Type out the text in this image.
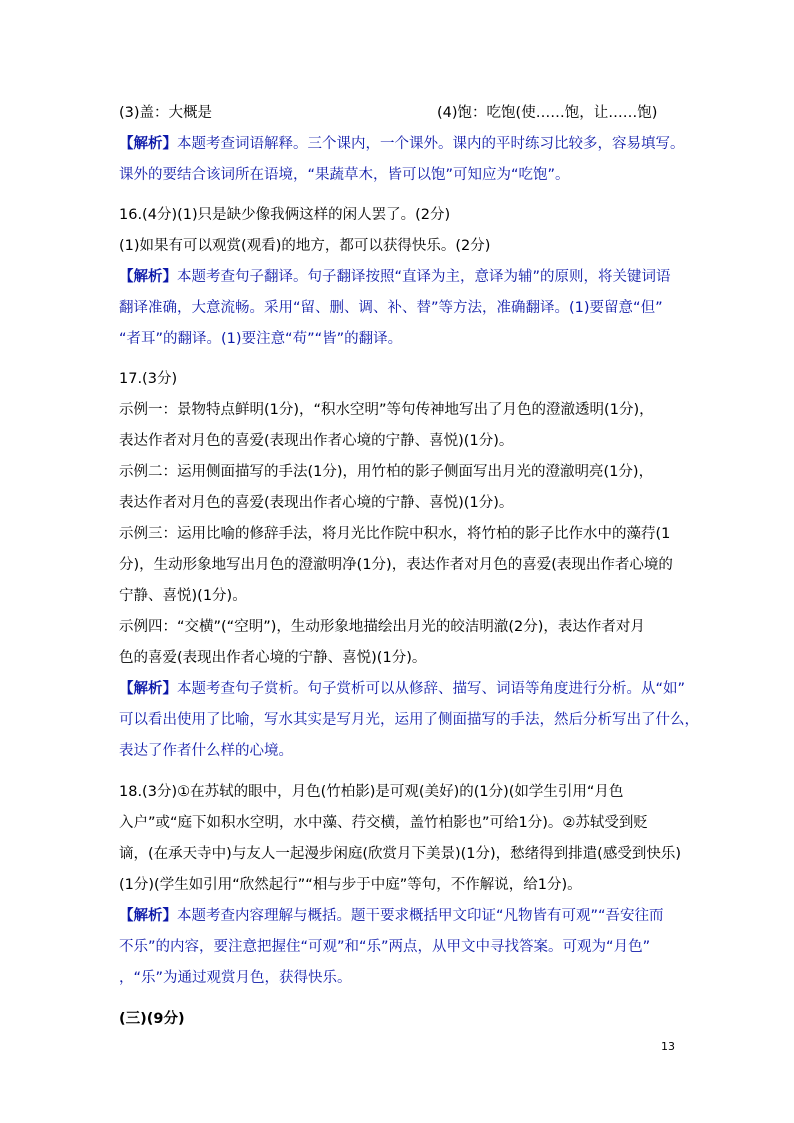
(3)盖：大概是	(4)饱：吃饱(使……饱，让……饱)
【解析】本题考查词语解释。三个课内，一个课外。课内的平时练习比较多，容易填写。
课外的要结合该词所在语境，“果蔬草木，皆可以饱”可知应为“吃饱”。
16.(4分)(1)只是缺少像我俩这样的闲人罢了。(2分)
(1)如果有可以观赏(观看)的地方，都可以获得快乐。(2分)
【解析】本题考查句子翻译。句子翻译按照“直译为主，意译为辅”的原则，将关键词语
翻译准确，大意流畅。采用“留、删、调、补、替”等方法，准确翻译。(1)要留意“但”
“者耳”的翻译。(1)要注意“苟”“皆”的翻译。
17.(3分)
示例一：景物特点鲜明(1分)，“积水空明”等句传神地写出了月色的澄澈透明(1分)，
表达作者对月色的喜爱(表现出作者心境的宁静、喜悦)(1分)。
示例二：运用侧面描写的手法(1分)，用竹柏的影子侧面写出月光的澄澈明亮(1分)，
表达作者对月色的喜爱(表现出作者心境的宁静、喜悦)(1分)。
示例三：运用比喻的修辞手法，将月光比作院中积水，将竹柏的影子比作水中的藻荇(1
分)，生动形象地写出月色的澄澈明净(1分)，表达作者对月色的喜爱(表现出作者心境的
宁静、喜悦)(1分)。
示例四：“交横”(“空明”)，生动形象地描绘出月光的皎洁明澈(2分)，表达作者对月
色的喜爱(表现出作者心境的宁静、喜悦)(1分)。
【解析】本题考查句子赏析。句子赏析可以从修辞、描写、词语等角度进行分析。从“如”
可以看出使用了比喻，写水其实是写月光，运用了侧面描写的手法，然后分析写出了什么，
表达了作者什么样的心境。
18.(3分)①在苏轼的眼中，月色(竹柏影)是可观(美好)的(1分)(如学生引用“月色
入户”或“庭下如积水空明，水中藻、荇交横，盖竹柏影也”可给1分)。②苏轼受到贬
谪，(在承天寺中)与友人一起漫步闲庭(欣赏月下美景)(1分)，愁绪得到排遣(感受到快乐)
(1分)(学生如引用“欣然起行”“相与步于中庭”等句，不作解说，给1分)。
【解析】本题考查内容理解与概括。题干要求概括甲文印证“凡物皆有可观”“吾安往而
不乐”的内容，要注意把握住“可观”和“乐”两点，从甲文中寻找答案。可观为“月色”
，“乐”为通过观赏月色，获得快乐。
(三)(9分)
13
